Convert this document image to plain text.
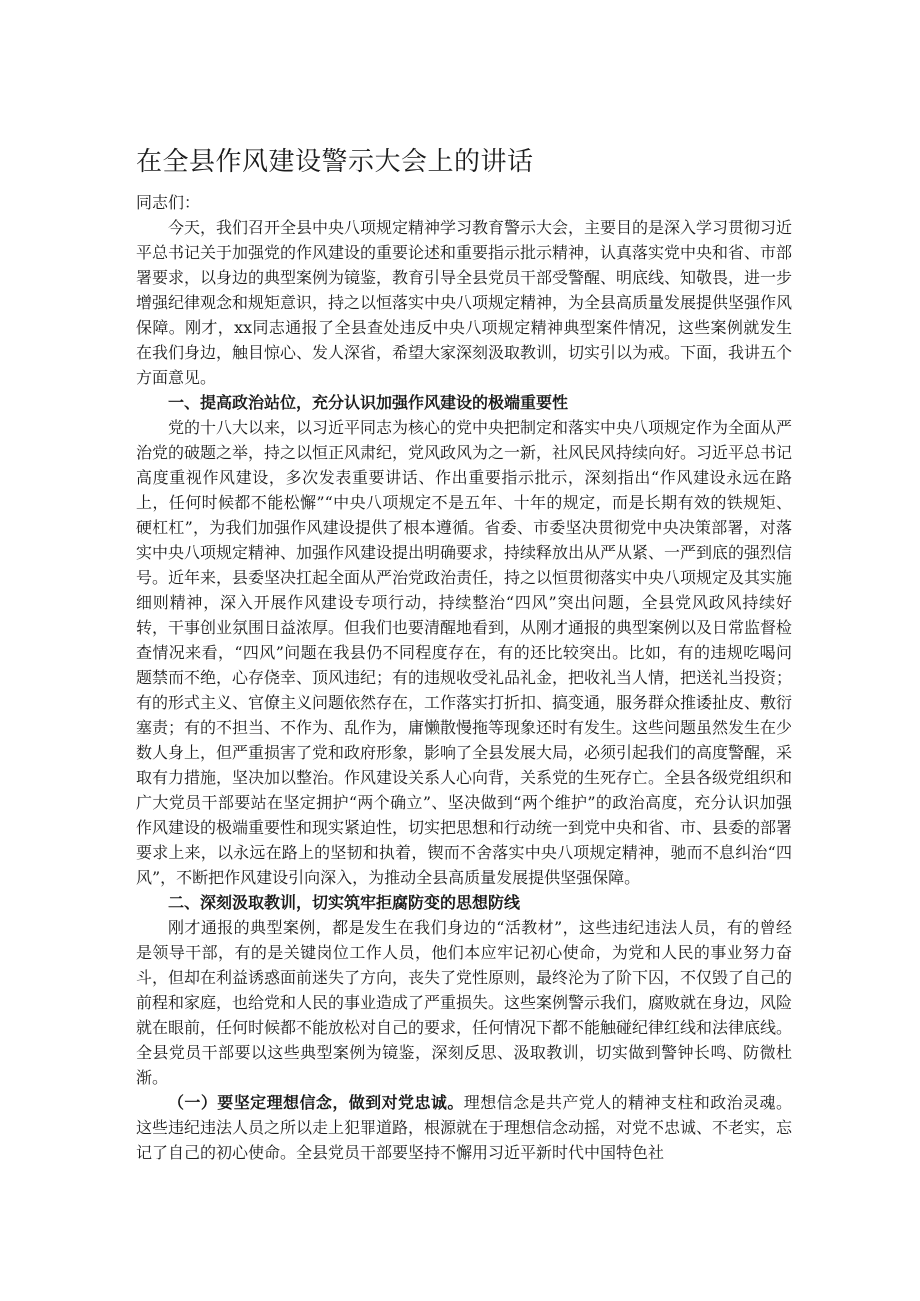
在全县作风建设警示大会上的讲话

同志们：

今天，我们召开全县中央八项规定精神学习教育警示大会，主要目的是深入学习贯彻习近平总书记关于加强党的作风建设的重要论述和重要指示批示精神，认真落实党中央和省、市部署要求，以身边的典型案例为镜鉴，教育引导全县党员干部受警醒、明底线、知敬畏，进一步增强纪律观念和规矩意识，持之以恒落实中央八项规定精神，为全县高质量发展提供坚强作风保障。刚才，xx同志通报了全县查处违反中央八项规定精神典型案件情况，这些案例就发生在我们身边，触目惊心、发人深省，希望大家深刻汲取教训，切实引以为戒。下面，我讲五个方面意见。

一、提高政治站位，充分认识加强作风建设的极端重要性

党的十八大以来，以习近平同志为核心的党中央把制定和落实中央八项规定作为全面从严治党的破题之举，持之以恒正风肃纪，党风政风为之一新，社风民风持续向好。习近平总书记高度重视作风建设，多次发表重要讲话、作出重要指示批示，深刻指出“作风建设永远在路上，任何时候都不能松懈”“中央八项规定不是五年、十年的规定，而是长期有效的铁规矩、硬杠杠”，为我们加强作风建设提供了根本遵循。省委、市委坚决贯彻党中央决策部署，对落实中央八项规定精神、加强作风建设提出明确要求，持续释放出从严从紧、一严到底的强烈信号。近年来，县委坚决扛起全面从严治党政治责任，持之以恒贯彻落实中央八项规定及其实施细则精神，深入开展作风建设专项行动，持续整治“四风”突出问题，全县党风政风持续好转，干事创业氛围日益浓厚。但我们也要清醒地看到，从刚才通报的典型案例以及日常监督检查情况来看，“四风”问题在我县仍不同程度存在，有的还比较突出。比如，有的违规吃喝问题禁而不绝，心存侥幸、顶风违纪；有的违规收受礼品礼金，把收礼当人情，把送礼当投资；有的形式主义、官僚主义问题依然存在，工作落实打折扣、搞变通，服务群众推诿扯皮、敷衍塞责；有的不担当、不作为、乱作为，庸懒散慢拖等现象还时有发生。这些问题虽然发生在少数人身上，但严重损害了党和政府形象，影响了全县发展大局，必须引起我们的高度警醒，采取有力措施，坚决加以整治。作风建设关系人心向背，关系党的生死存亡。全县各级党组织和广大党员干部要站在坚定拥护“两个确立”、坚决做到“两个维护”的政治高度，充分认识加强作风建设的极端重要性和现实紧迫性，切实把思想和行动统一到党中央和省、市、县委的部署要求上来，以永远在路上的坚韧和执着，锲而不舍落实中央八项规定精神，驰而不息纠治“四风”，不断把作风建设引向深入，为推动全县高质量发展提供坚强保障。

二、深刻汲取教训，切实筑牢拒腐防变的思想防线

刚才通报的典型案例，都是发生在我们身边的“活教材”，这些违纪违法人员，有的曾经是领导干部，有的是关键岗位工作人员，他们本应牢记初心使命，为党和人民的事业努力奋斗，但却在利益诱惑面前迷失了方向，丧失了党性原则，最终沦为了阶下囚，不仅毁了自己的前程和家庭，也给党和人民的事业造成了严重损失。这些案例警示我们，腐败就在身边，风险就在眼前，任何时候都不能放松对自己的要求，任何情况下都不能触碰纪律红线和法律底线。全县党员干部要以这些典型案例为镜鉴，深刻反思、汲取教训，切实做到警钟长鸣、防微杜渐。

（一）要坚定理想信念，做到对党忠诚。理想信念是共产党人的精神支柱和政治灵魂。这些违纪违法人员之所以走上犯罪道路，根源就在于理想信念动摇，对党不忠诚、不老实，忘记了自己的初心使命。全县党员干部要坚持不懈用习近平新时代中国特色社
